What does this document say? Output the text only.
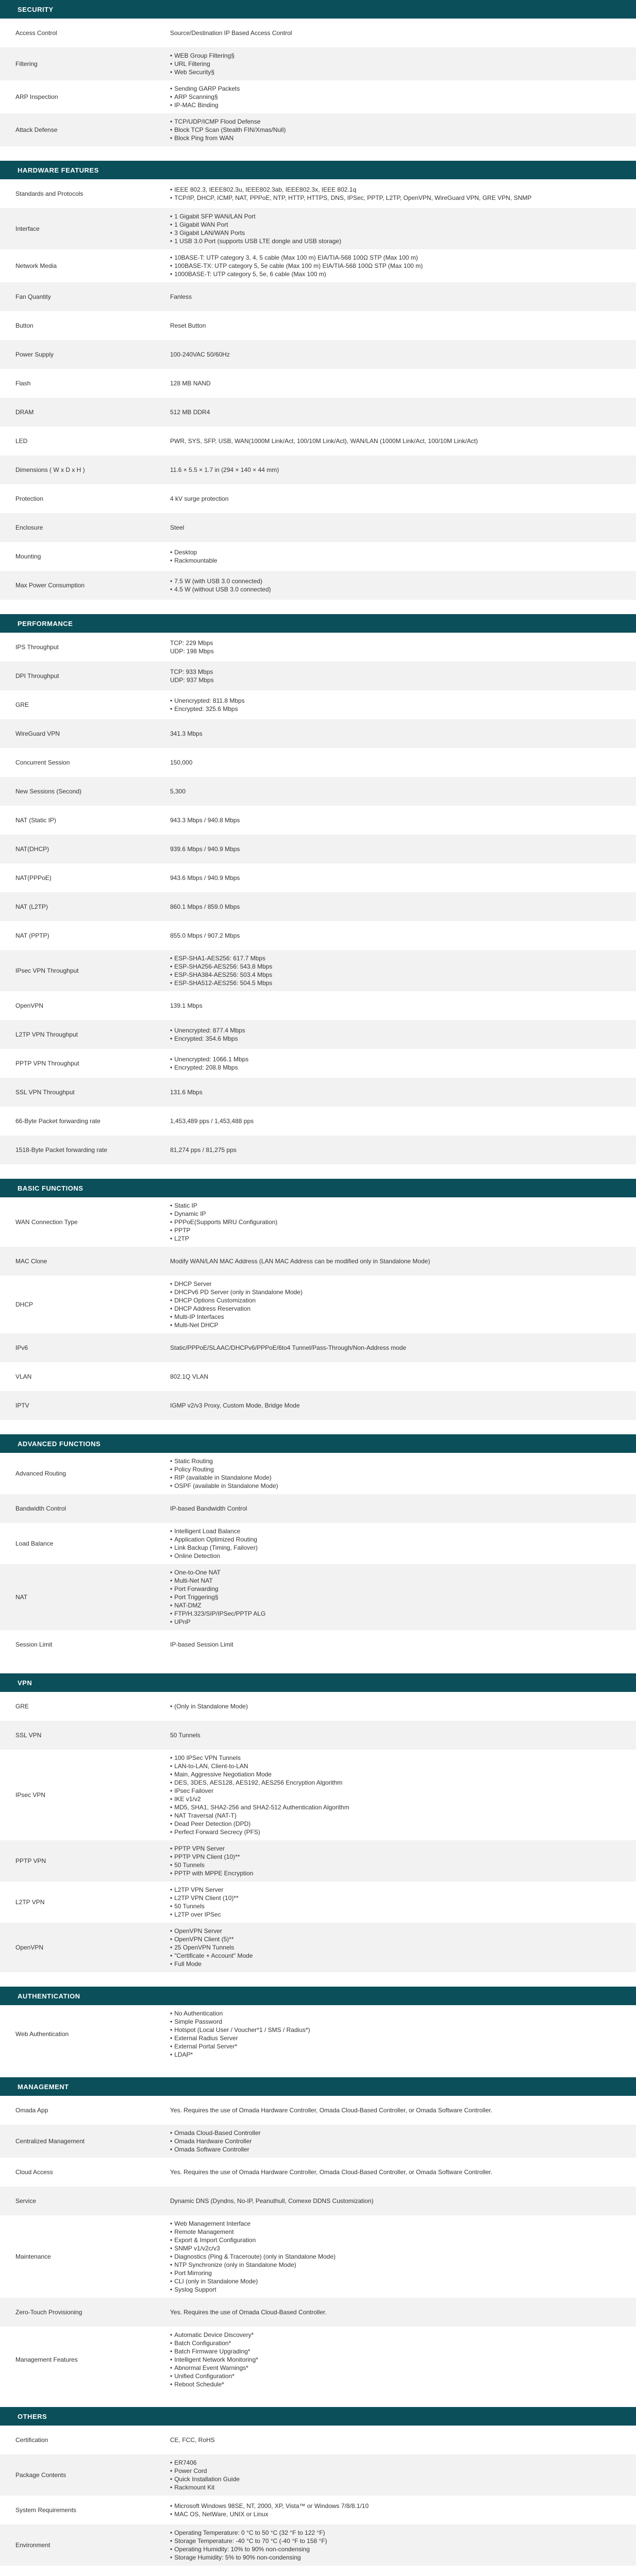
SECURITY
Access Control	Source/Destination IP Based Access Control
Filtering
• WEB Group Filtering§
• URL Filtering
• Web Security§
ARP Inspection
• Sending GARP Packets
• ARP Scanning§
• IP-MAC Binding
Attack Defense
• TCP/UDP/ICMP Flood Defense
• Block TCP Scan (Stealth FIN/Xmas/Null)
• Block Ping from WAN
HARDWARE FEATURES
Standards and Protocols
• IEEE 802.3, IEEE802.3u, IEEE802.3ab, IEEE802.3x, IEEE 802.1q
• TCP/IP, DHCP, ICMP, NAT, PPPoE, NTP, HTTP, HTTPS, DNS, IPSec, PPTP, L2TP, OpenVPN, WireGuard VPN, GRE VPN, SNMP
Interface
• 1 Gigabit SFP WAN/LAN Port
• 1 Gigabit WAN Port
• 3 Gigabit LAN/WAN Ports
• 1 USB 3.0 Port (supports USB LTE dongle and USB storage)
Network Media
• 10BASE-T: UTP category 3, 4, 5 cable (Max 100 m) EIA/TIA-568 100Ω STP (Max 100 m)
• 100BASE-TX: UTP category 5, 5e cable (Max 100 m) EIA/TIA-568 100Ω STP (Max 100 m)
• 1000BASE-T: UTP category 5, 5e, 6 cable (Max 100 m)
Fan Quantity	Fanless
Button	Reset Button
Power Supply	100-240VAC 50/60Hz
Flash	128 MB NAND
DRAM	512 MB DDR4
LED	PWR, SYS, SFP, USB, WAN(1000M Link/Act, 100/10M Link/Act), WAN/LAN (1000M Link/Act, 100/10M Link/Act)
Dimensions ( W x D x H )	11.6 × 5.5 × 1.7 in (294 × 140 × 44 mm)
Protection	4 kV surge protection
Enclosure	Steel
Mounting
• Desktop
• Rackmountable
Max Power Consumption
• 7.5 W (with USB 3.0 connected)
• 4.5 W (without USB 3.0 connected)
PERFORMANCE
IPS Throughput
TCP: 229 Mbps
UDP: 198 Mbps
DPI Throughput
TCP: 933 Mbps
UDP: 937 Mbps
GRE
• Unencrypted: 811.8 Mbps
• Encrypted: 325.6 Mbps
WireGuard VPN	341.3 Mbps
Concurrent Session	150,000
New Sessions (Second)	5,300
NAT (Static IP)	943.3 Mbps / 940.8 Mbps
NAT(DHCP)	939.6 Mbps / 940.9 Mbps
NAT(PPPoE)	943.6 Mbps / 940.9 Mbps
NAT (L2TP)	860.1 Mbps / 859.0 Mbps
NAT (PPTP)	855.0 Mbps / 907.2 Mbps
IPsec VPN Throughput
• ESP-SHA1-AES256: 617.7 Mbps
• ESP-SHA256-AES256: 543.8 Mbps
• ESP-SHA384-AES256: 503.4 Mbps
• ESP-SHA512-AES256: 504.5 Mbps
OpenVPN	139.1 Mbps
L2TP VPN Throughput
• Unencrypted: 877.4 Mbps
• Encrypted: 354.6 Mbps
PPTP VPN Throughput
• Unencrypted: 1066.1 Mbps
• Encrypted: 208.8 Mbps
SSL VPN Throughput	131.6 Mbps
66-Byte Packet forwarding rate	1,453,489 pps / 1,453,488 pps
1518-Byte Packet forwarding rate	81,274 pps / 81,275 pps
BASIC FUNCTIONS
WAN Connection Type
• Static IP
• Dynamic IP
• PPPoE(Supports MRU Configuration)
• PPTP
• L2TP
MAC Clone	Modify WAN/LAN MAC Address (LAN MAC Address can be modified only in Standalone Mode)
DHCP
• DHCP Server
• DHCPv6 PD Server (only in Standalone Mode)
• DHCP Options Customization
• DHCP Address Reservation
• Multi-IP Interfaces
• Multi-Net DHCP
IPv6	Static/PPPoE/SLAAC/DHCPv6/PPPoE/6to4 Tunnel/Pass-Through/Non-Address mode
VLAN	802.1Q VLAN
IPTV	IGMP v2/v3 Proxy, Custom Mode, Bridge Mode
ADVANCED FUNCTIONS
Advanced Routing
• Static Routing
• Policy Routing
• RIP (available in Standalone Mode)
• OSPF (available in Standalone Mode)
Bandwidth Control	IP-based Bandwidth Control
Load Balance
• Intelligent Load Balance
• Application Optimized Routing
• Link Backup (Timing, Failover)
• Online Detection
NAT
• One-to-One NAT
• Multi-Net NAT
• Port Forwarding
• Port Triggering§
• NAT-DMZ
• FTP/H.323/SIP/IPSec/PPTP ALG
• UPnP
Session Limit	IP-based Session Limit
VPN
GRE
•	(Only in Standalone Mode)
SSL VPN	50 Tunnels
IPsec VPN
• 100 IPSec VPN Tunnels
• LAN-to-LAN, Client-to-LAN
• Main, Aggressive Negotiation Mode
• DES, 3DES, AES128, AES192, AES256 Encryption Algorithm
• IPsec Failover
• IKE v1/v2
• MD5, SHA1, SHA2-256 and SHA2-512 Authentication Algorithm
• NAT Traversal (NAT-T)
• Dead Peer Detection (DPD)
• Perfect Forward Secrecy (PFS)
PPTP VPN
• PPTP VPN Server
• PPTP VPN Client (10)**
• 50 Tunnels
• PPTP with MPPE Encryption
L2TP VPN
• L2TP VPN Server
• L2TP VPN Client (10)**
• 50 Tunnels
• L2TP over IPSec
OpenVPN
• OpenVPN Server
• OpenVPN Client (5)**
• 25 OpenVPN Tunnels
• "Certificate + Account" Mode
• Full Mode
AUTHENTICATION
Web Authentication
• No Authentication
• Simple Password
• Hotspot (Local User / Voucher*1 / SMS / Radius*)
• External Radius Server
• External Portal Server*
• LDAP*
MANAGEMENT
Omada App	Yes. Requires the use of Omada Hardware Controller, Omada Cloud-Based Controller, or Omada Software Controller.
Centralized Management
• Omada Cloud-Based Controller
• Omada Hardware Controller
• Omada Software Controller
Cloud Access	Yes. Requires the use of Omada Hardware Controller, Omada Cloud-Based Controller, or Omada Software Controller.
Service	Dynamic DNS (Dyndns, No-IP, Peanuthull, Comexe DDNS Customization)
Maintenance
• Web Management Interface
• Remote Management
• Export & Import Configuration
• SNMP v1/v2c/v3
• Diagnostics (Ping & Traceroute) (only in Standalone Mode)
• NTP Synchronize (only in Standalone Mode)
• Port Mirroring
• CLI (only in Standalone Mode)
• Syslog Support
Zero-Touch Provisioning	Yes. Requires the use of Omada Cloud-Based Controller.
Management Features
• Automatic Device Discovery*
• Batch Configuration*
• Batch Firmware Upgrading*
• Intelligent Network Monitoring*
• Abnormal Event Warnings*
• Unified Configuration*
• Reboot Schedule*
OTHERS
Certification	CE, FCC, RoHS
Package Contents
• ER7406
• Power Cord
• Quick Installation Guide
• Rackmount Kit
System Requirements
• Microsoft Windows 98SE, NT, 2000, XP, Vista™ or Windows 7/8/8.1/10
• MAC OS, NetWare, UNIX or Linux
Environment
• Operating Temperature: 0 °C to 50 °C (32 °F to 122 °F)
• Storage Temperature: -40 °C to 70 °C (-40 °F to 158 °F)
• Operating Humidity: 10% to 90% non-condensing
• Storage Humidity: 5% to 90% non-condensing
